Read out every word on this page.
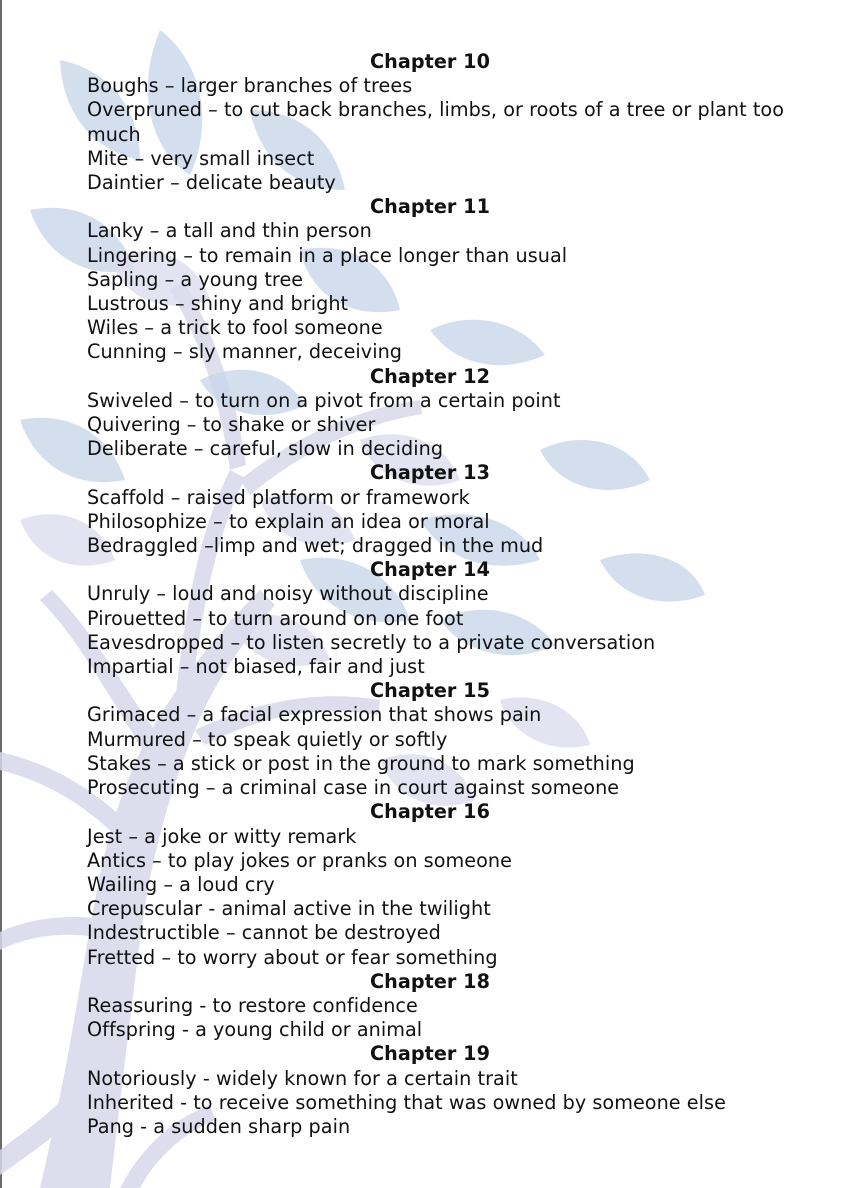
Chapter 10
Boughs – larger branches of trees
Overpruned – to cut back branches, limbs, or roots of a tree or plant too much
Mite – very small insect
Daintier – delicate beauty
Chapter 11
Lanky – a tall and thin person
Lingering – to remain in a place longer than usual
Sapling – a young tree
Lustrous – shiny and bright
Wiles – a trick to fool someone
Cunning – sly manner, deceiving
Chapter 12
Swiveled – to turn on a pivot from a certain point
Quivering – to shake or shiver
Deliberate – careful, slow in deciding
Chapter 13
Scaffold – raised platform or framework
Philosophize – to explain an idea or moral
Bedraggled –limp and wet; dragged in the mud
Chapter 14
Unruly – loud and noisy without discipline
Pirouetted – to turn around on one foot
Eavesdropped – to listen secretly to a private conversation
Impartial – not biased, fair and just
Chapter 15
Grimaced – a facial expression that shows pain
Murmured – to speak quietly or softly
Stakes – a stick or post in the ground to mark something
Prosecuting – a criminal case in court against someone
Chapter 16
Jest – a joke or witty remark
Antics – to play jokes or pranks on someone
Wailing – a loud cry
Crepuscular - animal active in the twilight
Indestructible – cannot be destroyed
Fretted – to worry about or fear something
Chapter 18
Reassuring - to restore confidence
Offspring - a young child or animal
Chapter 19
Notoriously - widely known for a certain trait
Inherited - to receive something that was owned by someone else
Pang - a sudden sharp pain
